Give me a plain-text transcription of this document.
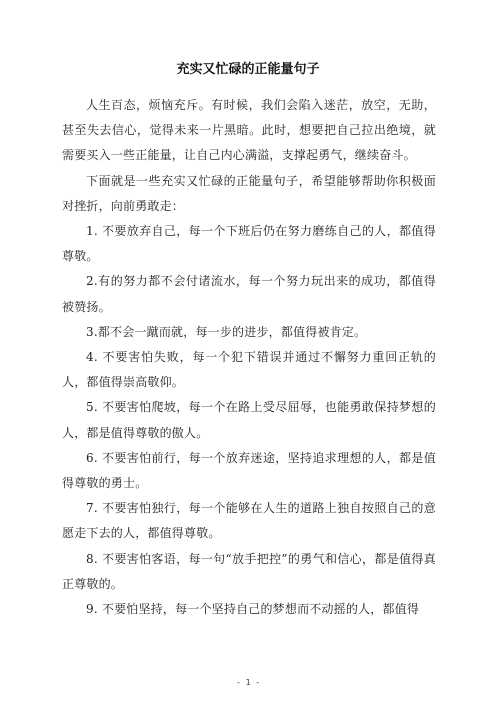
充实又忙碌的正能量句子

人生百态，烦恼充斥。有时候，我们会陷入迷茫，放空，无助，甚至失去信心，觉得未来一片黑暗。此时，想要把自己拉出绝境，就需要买入一些正能量，让自己内心满溢，支撑起勇气，继续奋斗。

下面就是一些充实又忙碌的正能量句子，希望能够帮助你积极面对挫折，向前勇敢走：

1. 不要放弃自己，每一个下班后仍在努力磨练自己的人，都值得尊敬。

2.有的努力都不会付诸流水，每一个努力玩出来的成功，都值得被赞扬。

3.都不会一蹴而就，每一步的进步，都值得被肯定。

4. 不要害怕失败，每一个犯下错误并通过不懈努力重回正轨的人，都值得崇高敬仰。

5. 不要害怕爬坡，每一个在路上受尽屈辱，也能勇敢保持梦想的人，都是值得尊敬的傲人。

6. 不要害怕前行，每一个放弃迷途，坚持追求理想的人，都是值得尊敬的勇士。

7. 不要害怕独行，每一个能够在人生的道路上独自按照自己的意愿走下去的人，都值得尊敬。

8. 不要害怕客语，每一句“放手把控”的勇气和信心，都是值得真正尊敬的。

9. 不要怕坚持，每一个坚持自己的梦想而不动摇的人，都值得

- 1 -
